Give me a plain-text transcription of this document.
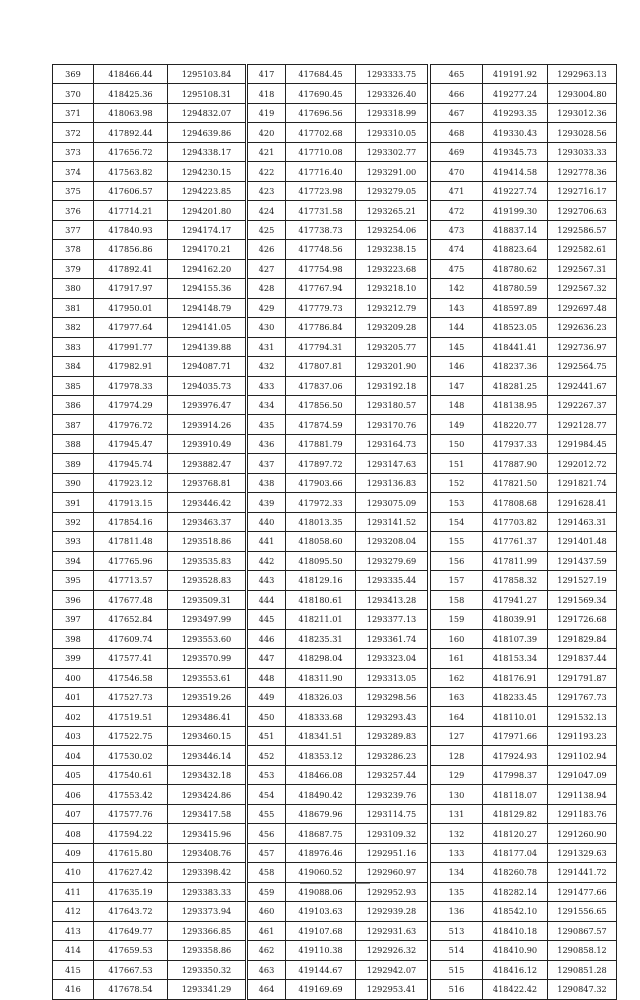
369	418466.44	1295103.84
370	418425.36	1295108.31
371	418063.98	1294832.07
372	417892.44	1294639.86
373	417656.72	1294338.17
374	417563.82	1294230.15
375	417606.57	1294223.85
376	417714.21	1294201.80
377	417840.93	1294174.17
378	417856.86	1294170.21
379	417892.41	1294162.20
380	417917.97	1294155.36
381	417950.01	1294148.79
382	417977.64	1294141.05
383	417991.77	1294139.88
384	417982.91	1294087.71
385	417978.33	1294035.73
386	417974.29	1293976.47
387	417976.72	1293914.26
388	417945.47	1293910.49
389	417945.74	1293882.47
390	417923.12	1293768.81
391	417913.15	1293446.42
392	417854.16	1293463.37
393	417811.48	1293518.86
394	417765.96	1293535.83
395	417713.57	1293528.83
396	417677.48	1293509.31
397	417652.84	1293497.99
398	417609.74	1293553.60
399	417577.41	1293570.99
400	417546.58	1293553.61
401	417527.73	1293519.26
402	417519.51	1293486.41
403	417522.75	1293460.15
404	417530.02	1293446.14
405	417540.61	1293432.18
406	417553.42	1293424.86
407	417577.76	1293417.58
408	417594.22	1293415.96
409	417615.80	1293408.76
410	417627.42	1293398.42
411	417635.19	1293383.33
412	417643.72	1293373.94
413	417649.77	1293366.85
414	417659.53	1293358.86
415	417667.53	1293350.32
416	417678.54	1293341.29
417	417684.45	1293333.75
418	417690.45	1293326.40
419	417696.56	1293318.99
420	417702.68	1293310.05
421	417710.08	1293302.77
422	417716.40	1293291.00
423	417723.98	1293279.05
424	417731.58	1293265.21
425	417738.73	1293254.06
426	417748.56	1293238.15
427	417754.98	1293223.68
428	417767.94	1293218.10
429	417779.73	1293212.79
430	417786.84	1293209.28
431	417794.31	1293205.77
432	417807.81	1293201.90
433	417837.06	1293192.18
434	417856.50	1293180.57
435	417874.59	1293170.76
436	417881.79	1293164.73
437	417897.72	1293147.63
438	417903.66	1293136.83
439	417972.33	1293075.09
440	418013.35	1293141.52
441	418058.60	1293208.04
442	418095.50	1293279.69
443	418129.16	1293335.44
444	418180.61	1293413.28
445	418211.01	1293377.13
446	418235.31	1293361.74
447	418298.04	1293323.04
448	418311.90	1293313.05
449	418326.03	1293298.56
450	418333.68	1293293.43
451	418341.51	1293289.83
452	418353.12	1293286.23
453	418466.08	1293257.44
454	418490.42	1293239.76
455	418679.96	1293114.75
456	418687.75	1293109.32
457	418976.46	1292951.16
458	419060.52	1292960.97
459	419088.06	1292952.93
460	419103.63	1292939.28
461	419107.68	1292931.63
462	419110.38	1292926.32
463	419144.67	1292942.07
464	419169.69	1292953.41
465	419191.92	1292963.13
466	419277.24	1293004.80
467	419293.35	1293012.36
468	419330.43	1293028.56
469	419345.73	1293033.33
470	419414.58	1292778.36
471	419227.74	1292716.17
472	419199.30	1292706.63
473	418837.14	1292586.57
474	418823.64	1292582.61
475	418780.62	1292567.31
142	418780.59	1292567.32
143	418597.89	1292697.48
144	418523.05	1292636.23
145	418441.41	1292736.97
146	418237.36	1292564.75
147	418281.25	1292441.67
148	418138.95	1292267.37
149	418220.77	1292128.77
150	417937.33	1291984.45
151	417887.90	1292012.72
152	417821.50	1291821.74
153	417808.68	1291628.41
154	417703.82	1291463.31
155	417761.37	1291401.48
156	417811.99	1291437.59
157	417858.32	1291527.19
158	417941.27	1291569.34
159	418039.91	1291726.68
160	418107.39	1291829.84
161	418153.34	1291837.44
162	418176.91	1291791.87
163	418233.45	1291767.73
164	418110.01	1291532.13
127	417971.66	1291193.23
128	417924.93	1291102.94
129	417998.37	1291047.09
130	418118.07	1291138.94
131	418129.82	1291183.76
132	418120.27	1291260.90
133	418177.04	1291329.63
134	418260.78	1291441.72
135	418282.14	1291477.66
136	418542.10	1291556.65
513	418410.18	1290867.57
514	418410.90	1290858.12
515	418416.12	1290851.28
516	418422.42	1290847.32
